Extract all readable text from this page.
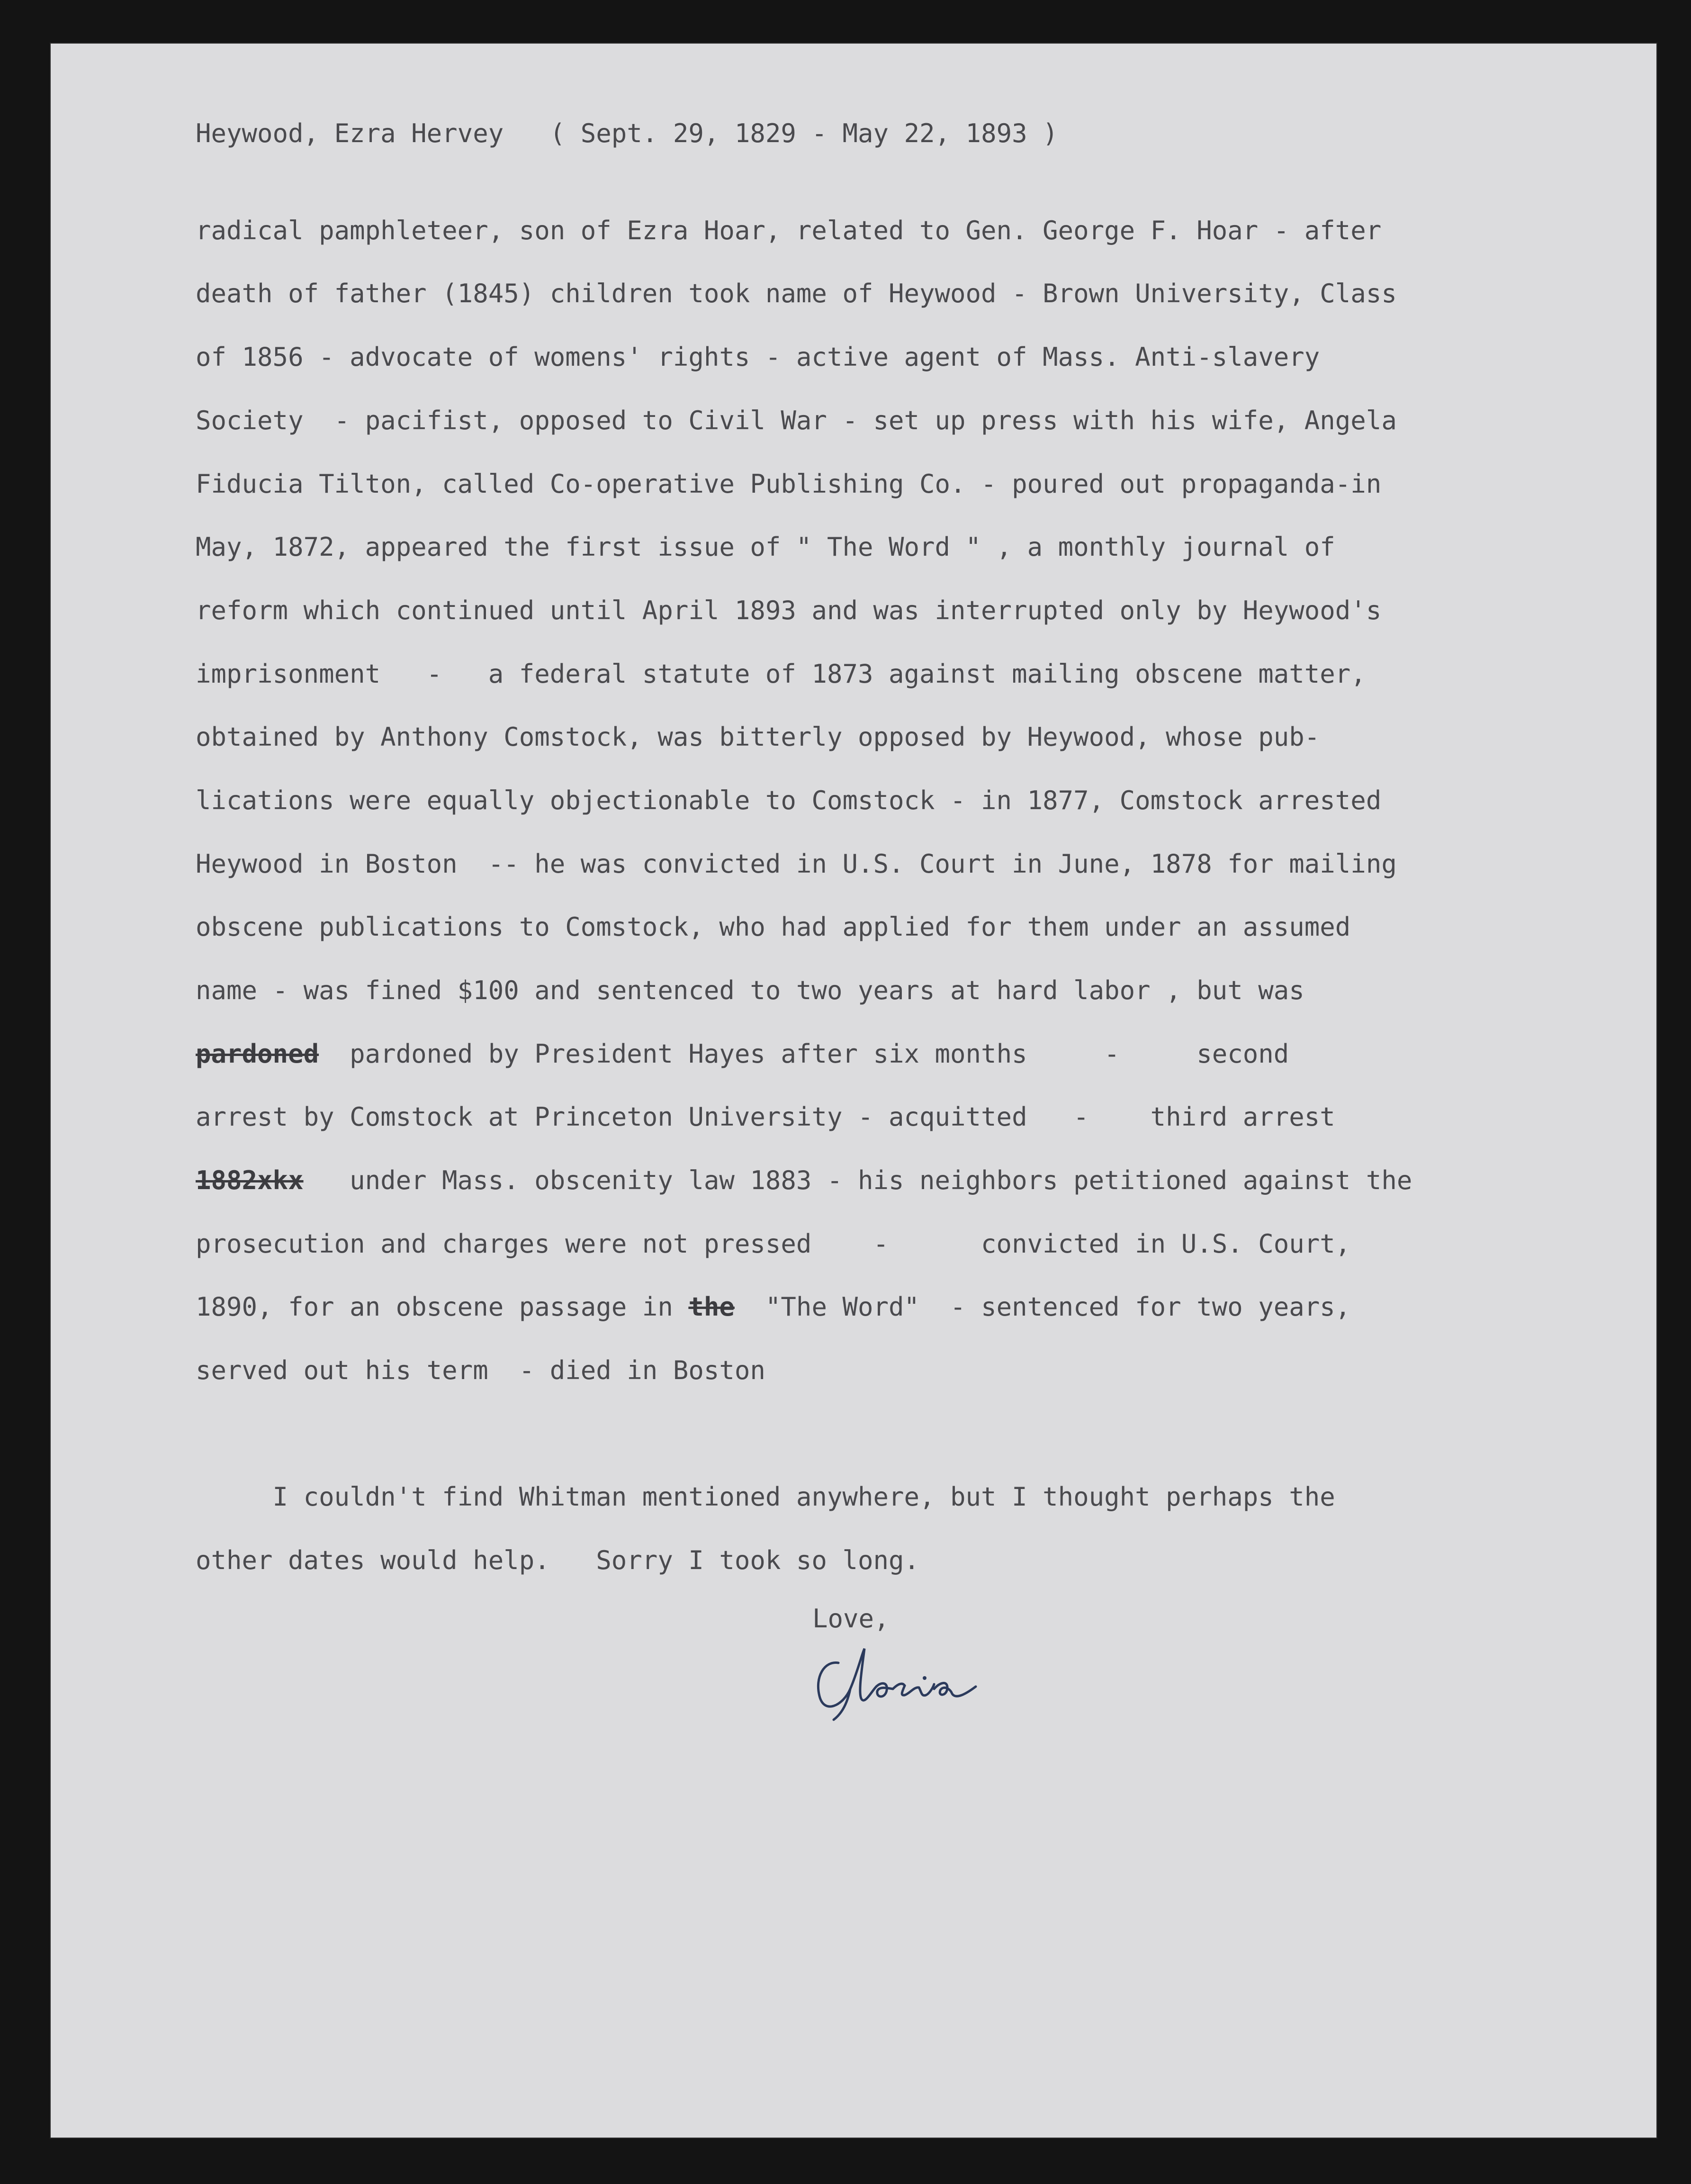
Heywood, Ezra Hervey ( Sept. 29, 1829 - May 22, 1893 )
radical pamphleteer, son of Ezra Hoar, related to Gen. George F. Hoar - after
death of father (1845) children took name of Heywood - Brown University, Class
of 1856 - advocate of womens' rights - active agent of Mass. Anti-slavery
Society  - pacifist, opposed to Civil War - set up press with his wife, Angela
Fiducia Tilton, called Co-operative Publishing Co. - poured out propaganda-in
May, 1872, appeared the first issue of " The Word " , a monthly journal of
reform which continued until April 1893 and was interrupted only by Heywood's
imprisonment   -   a federal statute of 1873 against mailing obscene matter,
obtained by Anthony Comstock, was bitterly opposed by Heywood, whose pub-
lications were equally objectionable to Comstock - in 1877, Comstock arrested
Heywood in Boston  -- he was convicted in U.S. Court in June, 1878 for mailing
obscene publications to Comstock, who had applied for them under an assumed
name - was fined $100 and sentenced to two years at hard labor , but was
pardoned  pardoned by President Hayes after six months     -     second
arrest by Comstock at Princeton University - acquitted   -    third arrest
1882xkx   under Mass. obscenity law 1883 - his neighbors petitioned against the
prosecution and charges were not pressed    -      convicted in U.S. Court,
1890, for an obscene passage in the  "The Word"  - sentenced for two years,
served out his term  - died in Boston
I couldn't find Whitman mentioned anywhere, but I thought perhaps the
other dates would help.   Sorry I took so long.
Love,
Gloria
